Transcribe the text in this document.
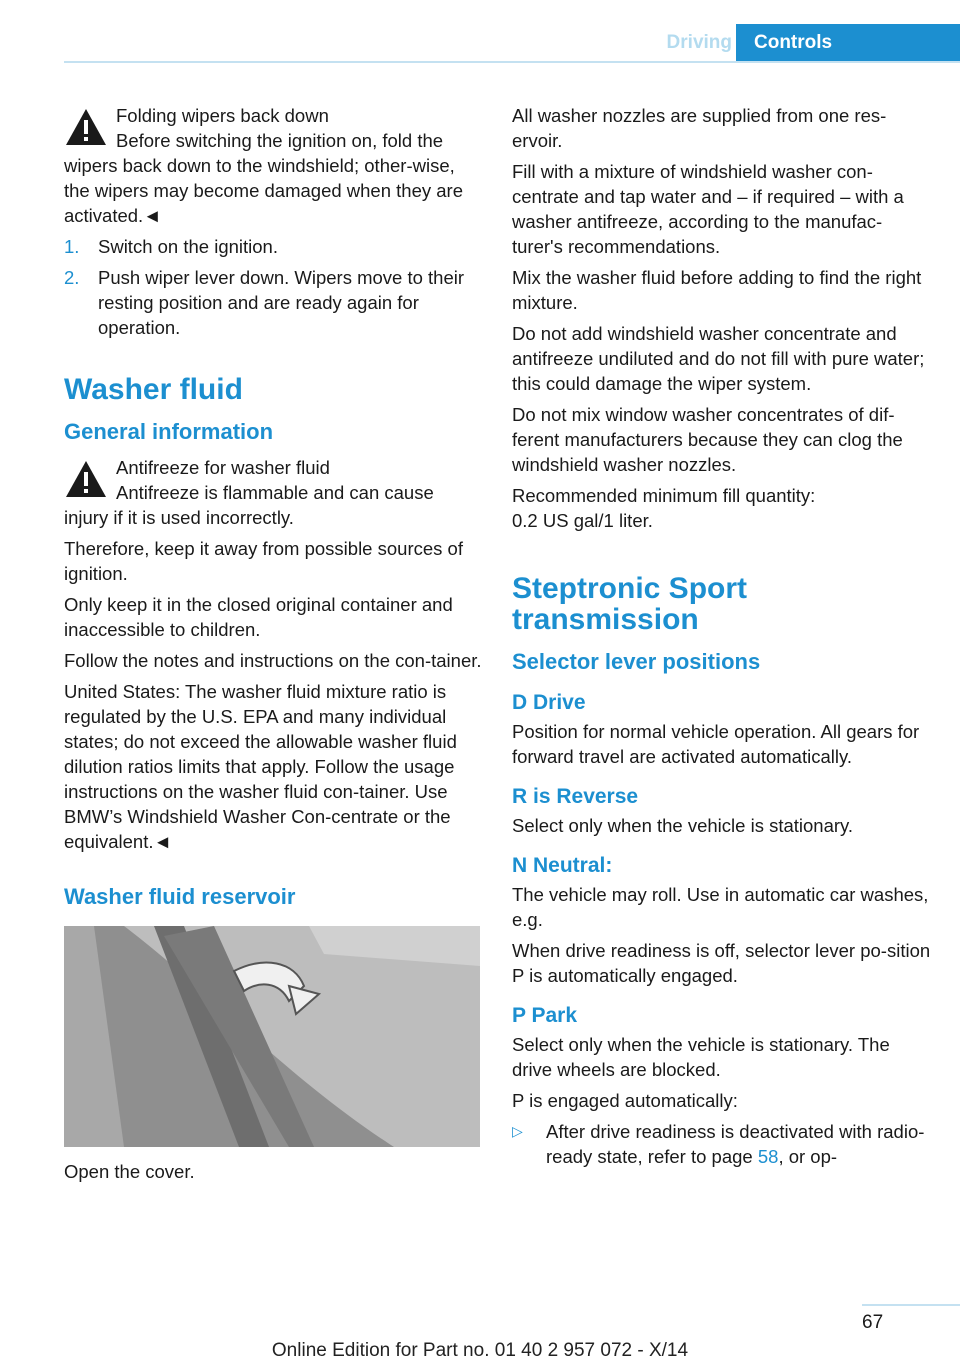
Driving	Controls
Folding wipers back down
Before switching the ignition on, fold the
wipers back down to the windshield; other-wise, the wipers may become damaged when they are activated.◄
1. Switch on the ignition.
2. Push wiper lever down. Wipers move to their resting position and are ready again for operation.
Washer fluid
General information
Antifreeze for washer fluid
Antifreeze is flammable and can cause
injury if it is used incorrectly.

Therefore, keep it away from possible sources of ignition.

Only keep it in the closed original container and inaccessible to children.

Follow the notes and instructions on the con-tainer.

United States: The washer fluid mixture ratio is regulated by the U.S. EPA and many individual states; do not exceed the allowable washer fluid dilution ratios limits that apply. Follow the usage instructions on the washer fluid con-tainer. Use BMW’s Windshield Washer Con-centrate or the equivalent.◄

Washer fluid reservoir

Open the cover.

All washer nozzles are supplied from one res-ervoir.

Fill with a mixture of windshield washer con-centrate and tap water and – if required – with a washer antifreeze, according to the manufac-turer's recommendations.

Mix the washer fluid before adding to find the right mixture.

Do not add windshield washer concentrate and antifreeze undiluted and do not fill with pure water; this could damage the wiper system.

Do not mix window washer concentrates of dif-ferent manufacturers because they can clog the windshield washer nozzles.

Recommended minimum fill quantity:

0.2 US gal/1 liter.

Steptronic Sport transmission
Selector lever positions
D Drive

Position for normal vehicle operation. All gears for forward travel are activated automatically.

R is Reverse

Select only when the vehicle is stationary.

N Neutral:

The vehicle may roll. Use in automatic car washes, e.g.

When drive readiness is off, selector lever po-sition P is automatically engaged.

P Park

Select only when the vehicle is stationary. The drive wheels are blocked.

P is engaged automatically:

▷ After drive readiness is deactivated with radio-ready state, refer to page 58, or op-
67
Online Edition for Part no. 01 40 2 957 072 - X/14
